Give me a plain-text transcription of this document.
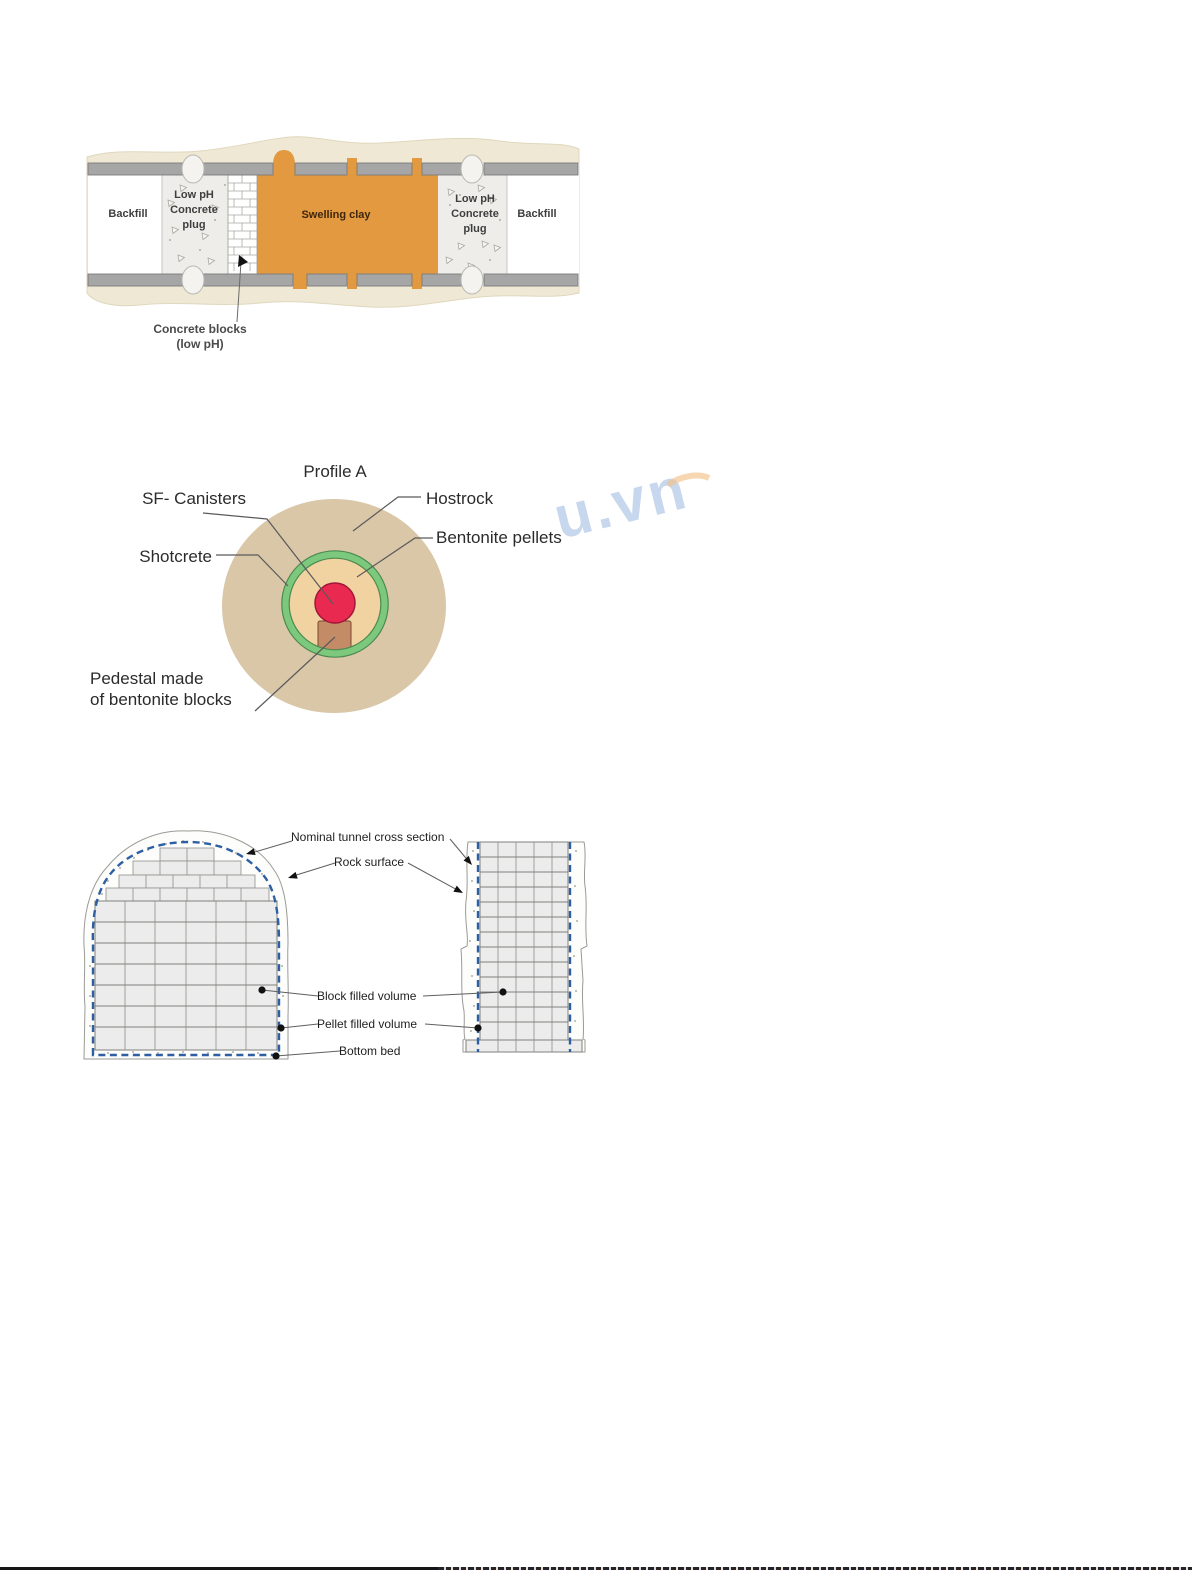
Backfill
Low pH
Concrete
plug
Swelling clay
Low pH
Concrete
plug
Backfill
Concrete blocks
(low pH)
u.vn
Profile A
SF- Canisters	Hostrock
Bentonite pellets
Shotcrete
Pedestal made
of bentonite blocks
Nominal tunnel cross section
Rock surface
Block filled volume
Pellet filled volume
Bottom bed
